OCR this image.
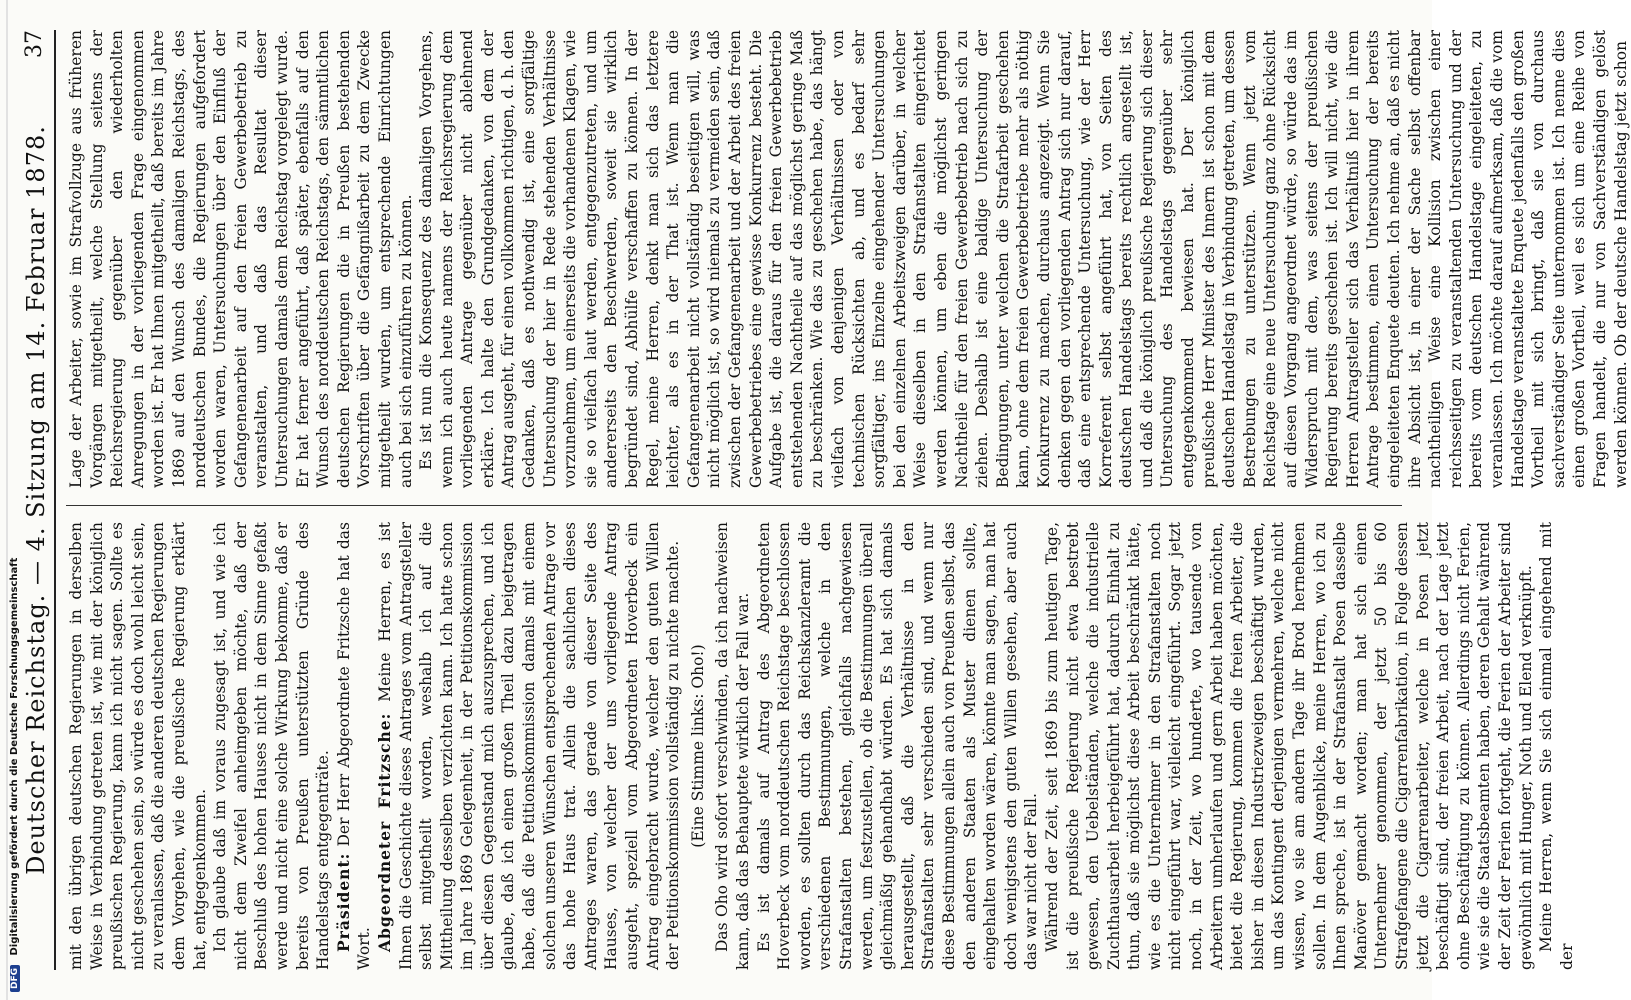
Deutscher Reichstag. — 4. Sitzung am 14. Februar 1878.
37

mit den übrigen deutschen Regierungen in derselben Weise in Verbindung getreten ist, wie mit der königlich preußischen Regierung, kann ich nicht sagen. Sollte es nicht geschehen sein, so würde es doch wohl leicht sein, zu veranlassen, daß die anderen deutschen Regierungen dem Vorgehen, wie die preußische Regierung erklärt hat, entgegenkommen. Ich glaube daß im voraus zugesagt ist, und wie ich nicht dem Zweifel anheimgeben möchte, daß der Beschluß des hohen Hauses nicht in dem Sinne gefaßt werde und nicht eine solche Wirkung bekomme, daß er bereits von Preußen unterstützten Gründe des Handelstags entgegenträte. Präsident: Der Herr Abgeordnete Fritzsche hat das Wort. Abgeordneter Fritzsche: Meine Herren, es ist Ihnen die Geschichte dieses Antrages vom Antragsteller selbst mitgetheilt worden, weshalb ich auf die Mittheilung desselben verzichten kann. Ich hatte schon im Jahre 1869 Gelegenheit, in der Petitionskommission über diesen Gegenstand mich auszusprechen, und ich glaube, daß ich einen großen Theil dazu beigetragen habe, daß die Petitionskommission damals mit einem solchen unseren Wünschen entsprechenden Antrage vor das hohe Haus trat. Allein die sachlichen dieses Antrages waren, das gerade von dieser Seite des Hauses, von welcher der uns vorliegende Antrag ausgeht, speziell vom Abgeordneten Hoverbeck ein Antrag eingebracht wurde, welcher den guten Willen der Petitionskommission vollständig zu nichte machte. (Eine Stimme links: Oho!) Das Oho wird sofort verschwinden, da ich nachweisen kann, daß das Behauptete wirklich der Fall war. Es ist damals auf Antrag des Abgeordneten Hoverbeck vom norddeutschen Reichstage beschlossen worden, es sollten durch das Reichskanzleramt die verschiedenen Bestimmungen, welche in den Strafanstalten bestehen, gleichfalls nachgewiesen werden, um festzustellen, ob die Bestimmungen überall gleichmäßig gehandhabt würden. Es hat sich damals herausgestellt, daß die Verhältnisse in den Strafanstalten sehr verschieden sind, und wenn nur diese Bestimmungen allein auch von Preußen selbst, das den anderen Staaten als Muster dienen sollte, eingehalten worden wären, könnte man sagen, man hat doch wenigstens den guten Willen gesehen, aber auch das war nicht der Fall. Während der Zeit, seit 1869 bis zum heutigen Tage, ist die preußische Regierung nicht etwa bestrebt gewesen, den Uebelständen, welche die industrielle Zuchthausarbeit herbeigeführt hat, dadurch Einhalt zu thun, daß sie möglichst diese Arbeit beschränkt hätte, wie es die Unternehmer in den Strafanstalten noch nicht eingeführt war, vielleicht eingeführt. Sogar jetzt noch, in der Zeit, wo hunderte, wo tausende von Arbeitern umherlaufen und gern Arbeit haben möchten, bietet die Regierung, kommen die freien Arbeiter, die bisher in diesen Industriezweigen beschäftigt wurden, um das Kontingent derjenigen vermehren, welche nicht wissen, wo sie am andern Tage ihr Brod hernehmen sollen. In dem Augenblicke, meine Herren, wo ich zu Ihnen spreche, ist in der Strafanstalt Posen dasselbe Manöver gemacht worden; man hat sich einen Unternehmer genommen, der jetzt 50 bis 60 Strafgefangene die Cigarrenfabrikation, in Folge dessen jetzt die Cigarrenarbeiter, welche in Posen jetzt beschäftigt sind, der freien Arbeit, nach der Lage jetzt ohne Beschäftigung zu können. Allerdings nicht Ferien, wie sie die Staatsbeamten haben, deren Gehalt während der Zeit der Ferien fortgeht, die Ferien der Arbeiter sind gewöhnlich mit Hunger, Noth und Elend verknüpft. Meine Herren, wenn Sie sich einmal eingehend mit der

Lage der Arbeiter, sowie im Strafvollzuge aus früheren Vorgängen mitgetheilt, welche Stellung seitens der Reichsregierung gegenüber den wiederholten Anregungen in der vorliegenden Frage eingenommen worden ist. Er hat Ihnen mitgetheilt, daß bereits im Jahre 1869 auf den Wunsch des damaligen Reichstags, des norddeutschen Bundes, die Regierungen aufgefordert worden waren, Untersuchungen über den Einfluß der Gefangenenarbeit auf den freien Gewerbebetrieb zu veranstalten, und daß das Resultat dieser Untersuchungen damals dem Reichstag vorgelegt wurde. Er hat ferner angeführt, daß später, ebenfalls auf den Wunsch des norddeutschen Reichstags, den sämmtlichen deutschen Regierungen die in Preußen bestehenden Vorschriften über die Gefängnißarbeit zu dem Zwecke mitgetheilt wurden, um entsprechende Einrichtungen auch bei sich einzuführen zu können. Es ist nun die Konsequenz des damaligen Vorgehens, wenn ich auch heute namens der Reichsregierung dem vorliegenden Antrage gegenüber nicht ablehnend erkläre. Ich halte den Grundgedanken, von dem der Antrag ausgeht, für einen vollkommen richtigen, d. h. den Gedanken, daß es nothwendig ist, eine sorgfältige Untersuchung der hier in Rede stehenden Verhältnisse vorzunehmen, um einerseits die vorhandenen Klagen, wie sie so vielfach laut werden, entgegenzutreten, und um andererseits den Beschwerden, soweit sie wirklich begründet sind, Abhülfe verschaffen zu können. In der Regel, meine Herren, denkt man sich das letztere leichter, als es in der That ist. Wenn man die Gefangenenarbeit nicht vollständig beseitigen will, was nicht möglich ist, so wird niemals zu vermeiden sein, daß zwischen der Gefangenenarbeit und der Arbeit des freien Gewerbebetriebes eine gewisse Konkurrenz besteht. Die Aufgabe ist, die daraus für den freien Gewerbebetrieb entstehenden Nachtheile auf das möglichst geringe Maß zu beschränken. Wie das zu geschehen habe, das hängt vielfach von denjenigen Verhältnissen oder von technischen Rücksichten ab, und es bedarf sehr sorgfältiger, ins Einzelne eingehender Untersuchungen bei den einzelnen Arbeitszweigen darüber, in welcher Weise dieselben in den Strafanstalten eingerichtet werden können, um eben die möglichst geringen Nachtheile für den freien Gewerbebetrieb nach sich zu ziehen. Deshalb ist eine baldige Untersuchung der Bedingungen, unter welchen die Strafarbeit geschehen kann, ohne dem freien Gewerbebetriebe mehr als nöthig Konkurrenz zu machen, durchaus angezeigt. Wenn Sie denken gegen den vorliegenden Antrag sich nur darauf, daß eine entsprechende Untersuchung, wie der Herr Korreferent selbst angeführt hat, von Seiten des deutschen Handelstags bereits rechtlich angestellt ist, und daß die königlich preußische Regierung sich dieser Untersuchung des Handelstags gegenüber sehr entgegenkommend bewiesen hat. Der königlich preußische Herr Minister des Innern ist schon mit dem deutschen Handelstag in Verbindung getreten, um dessen Bestrebungen zu unterstützen. Wenn jetzt vom Reichstage eine neue Untersuchung ganz ohne Rücksicht auf diesen Vorgang angeordnet würde, so würde das im Widerspruch mit dem, was seitens der preußischen Regierung bereits geschehen ist. Ich will nicht, wie die Herren Antragsteller sich das Verhältniß hier in ihrem Antrage bestimmen, einen Untersuchung der bereits eingeleiteten Enquete deuten. Ich nehme an, daß es nicht ihre Absicht ist, in einer der Sache selbst offenbar nachtheiligen Weise eine Kollision zwischen einer reichsseitigen zu veranstaltenden Untersuchung und der bereits vom deutschen Handelstage eingeleiteten, zu veranlassen. Ich möchte darauf aufmerksam, daß die vom Handelstage veranstaltete Enquete jedenfalls den großen Vortheil mit sich bringt, daß sie von durchaus sachverständiger Seite unternommen ist. Ich nenne dies einen großen Vortheil, weil es sich um eine Reihe von Fragen handelt, die nur von Sachverständigen gelöst werden können. Ob der deutsche Handelstag jetzt schon

DFG Digitalisierung gefördert durch die Deutsche Forschungsgemeinschaft
